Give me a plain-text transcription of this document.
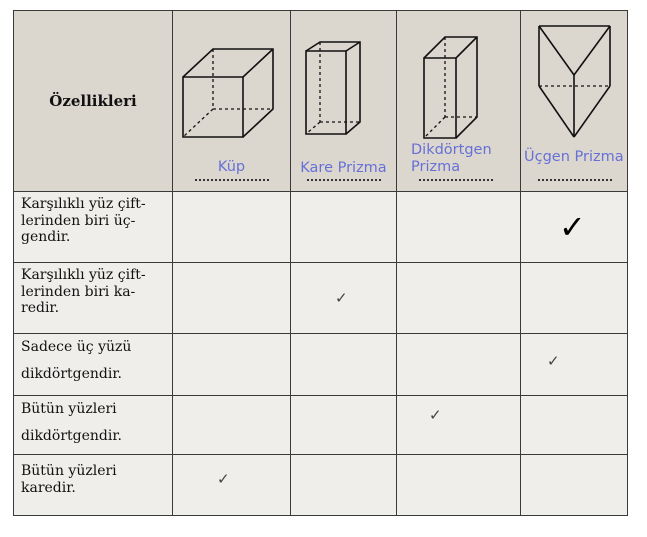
Özellikleri	Küp	Kare Prizma	Dikdörtgen Prizma	Üçgen Prizma

Karşılıklı yüz çift-
lerinden biri üç-
gendir.				✓

Karşılıklı yüz çift-
lerinden biri ka-
redir.		✓		

Sadece üç yüzü
dikdörtgendir.				✓

Bütün yüzleri
dikdörtgendir.			✓	

Bütün yüzleri
karedir.	✓			
